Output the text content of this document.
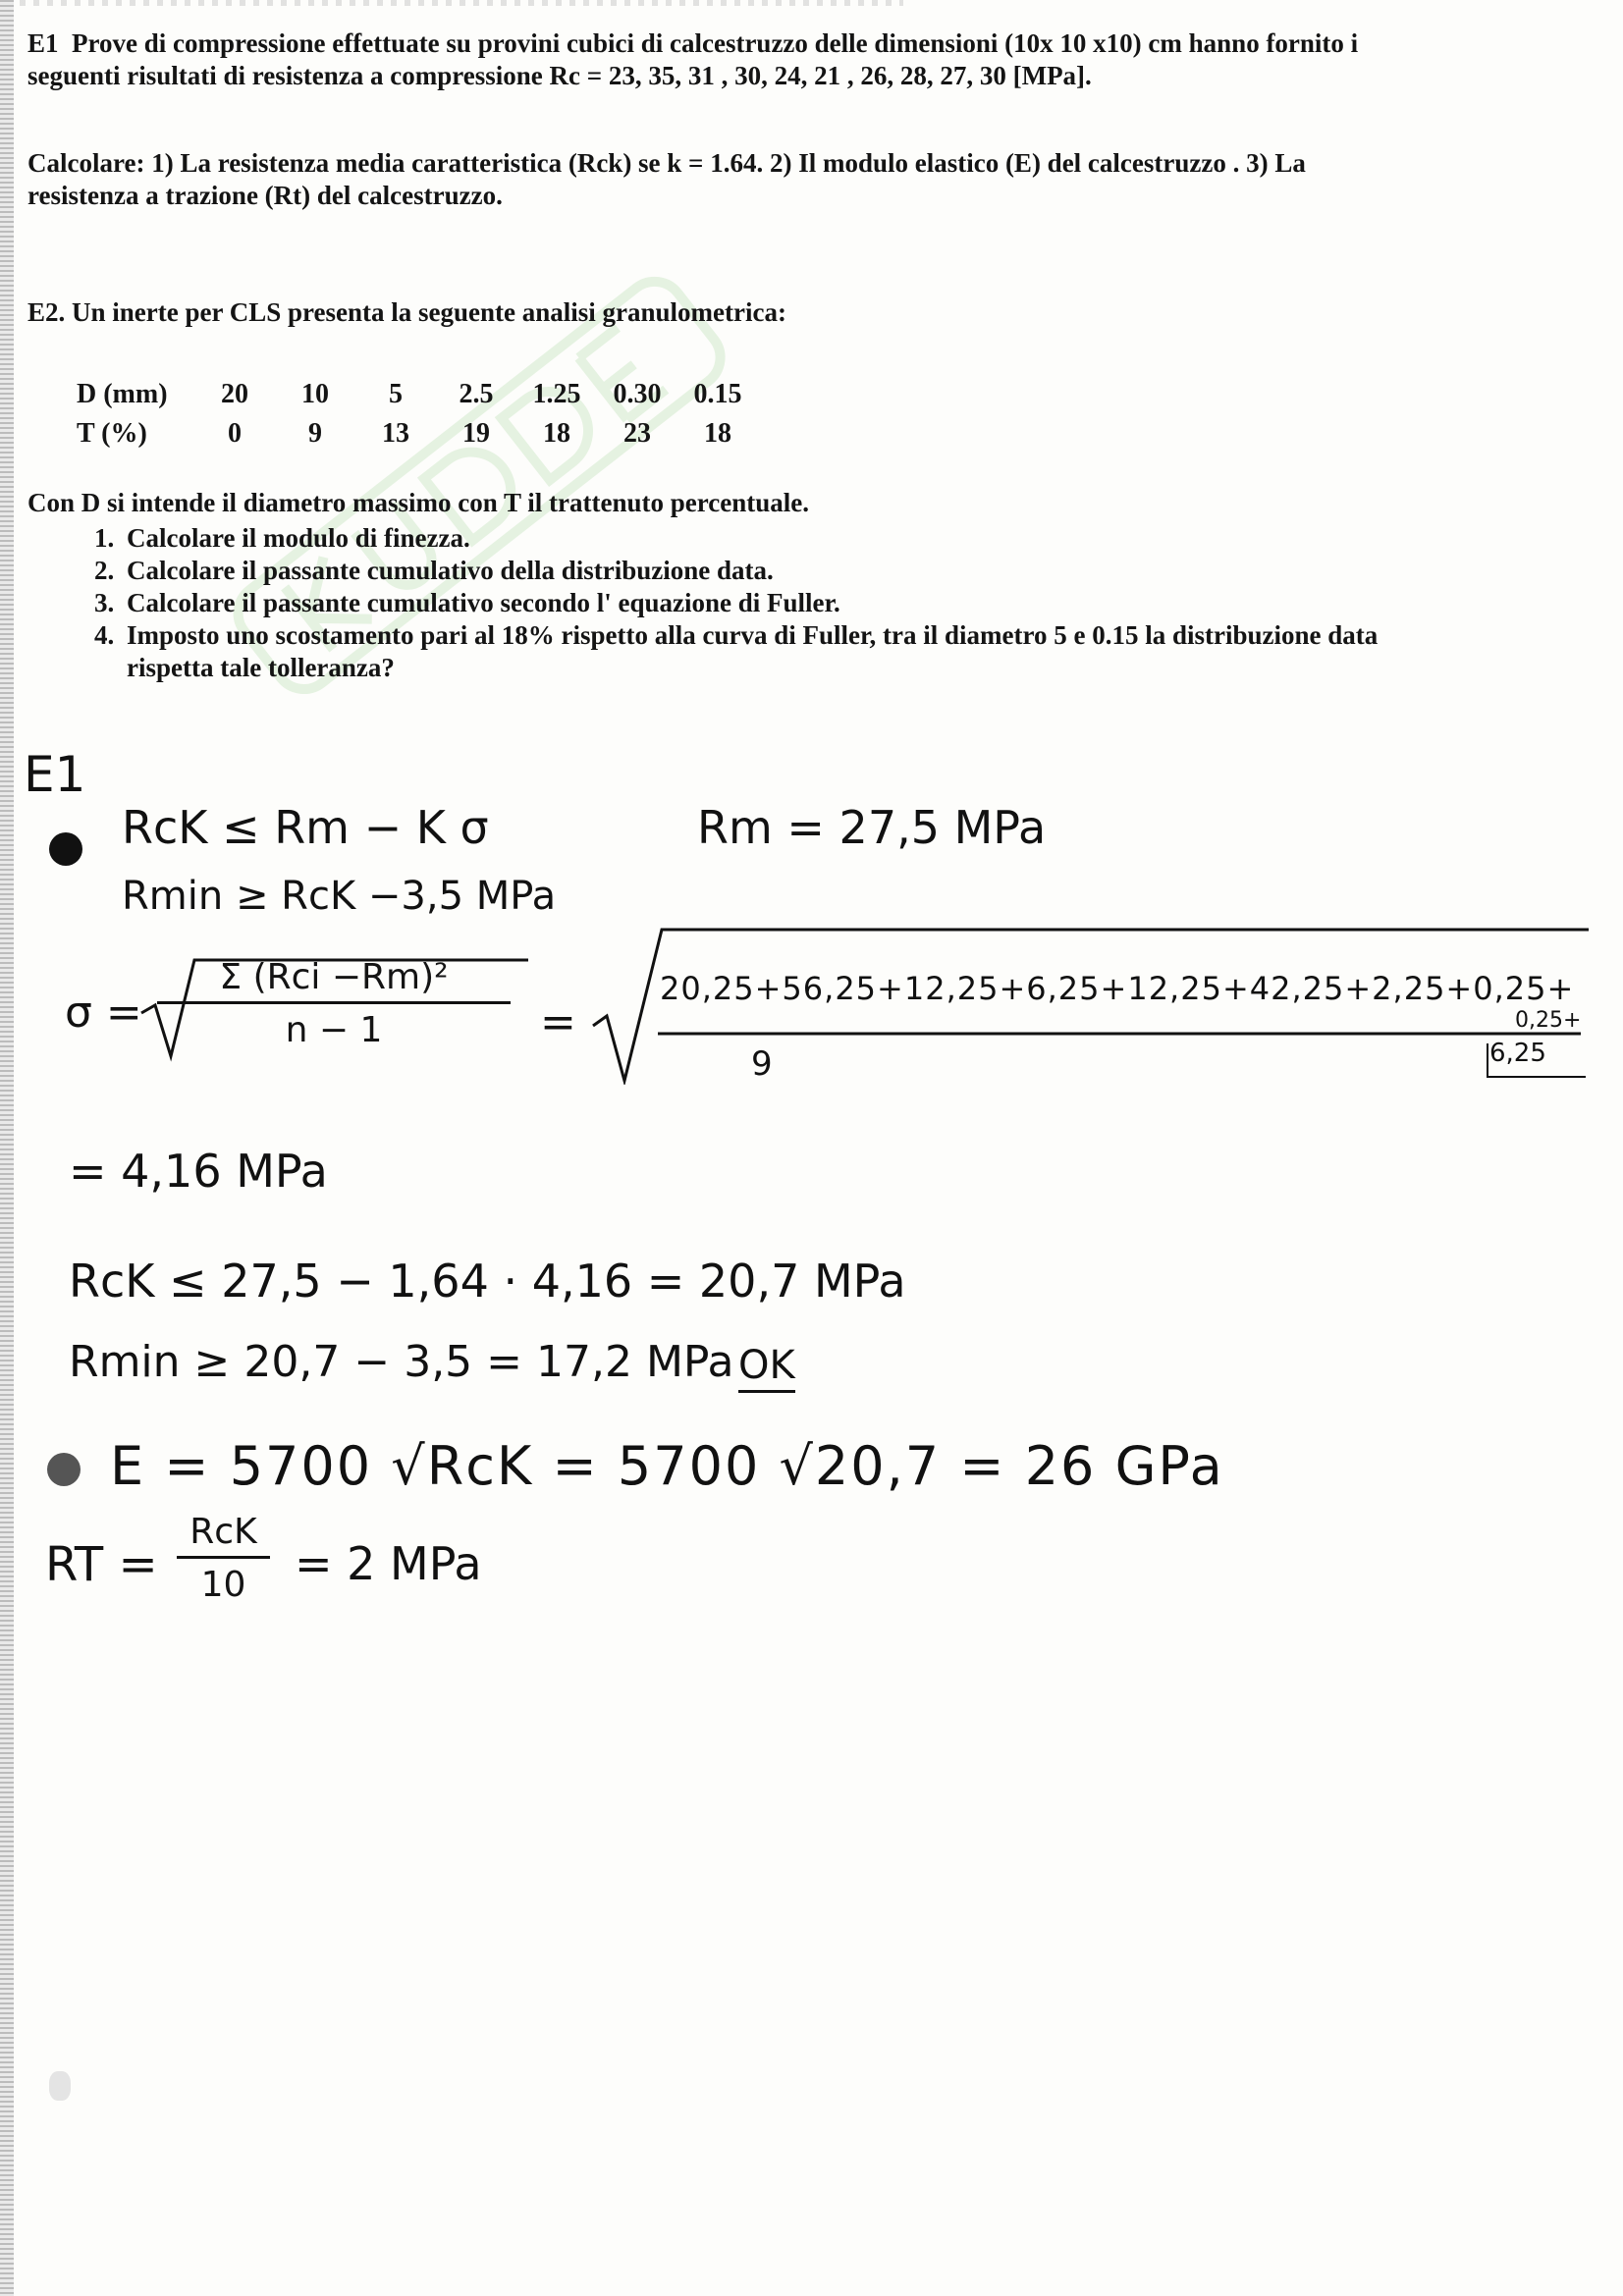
E1 Prove di compressione effettuate su provini cubici di calcestruzzo delle dimensioni (10x 10 x10) cm hanno fornito i seguenti risultati di resistenza a compressione Rc = 23, 35, 31 , 30, 24, 21 , 26, 28, 27, 30 [MPa].
Calcolare: 1) La resistenza media caratteristica (Rck) se k = 1.64. 2) Il modulo elastico (E) del calcestruzzo . 3) La resistenza a trazione (Rt) del calcestruzzo.
E2. Un inerte per CLS presenta la seguente analisi granulometrica:
D (mm)	20	10	5	2.5	1.25	0.30	0.15
T (%)	0	9	13	19	18	23	18
Con D si intende il diametro massimo con T il trattenuto percentuale.
1. Calcolare il modulo di finezza.
2. Calcolare il passante cumulativo della distribuzione data.
3. Calcolare il passante cumulativo secondo l' equazione di Fuller.
4. Imposto uno scostamento pari al 18% rispetto alla curva di Fuller, tra il diametro 5 e 0.15 la distribuzione data rispetta tale tolleranza?
E1
RcK ≤ Rm − K σ	Rm = 27,5 MPa
Rmin ≥ RcK −3,5 MPa
σ =
Σ (Rci −Rm)²
n − 1	=
20,25+56,25+12,25+6,25+12,25+42,25+2,25+0,25+
0,25+
6,25
9
= 4,16 MPa
RcK ≤ 27,5 − 1,64 · 4,16 = 20,7 MPa
Rmin ≥ 20,7 − 3,5 = 17,2 MPa OK
E = 5700 √RcK = 5700 √20,7 = 26 GPa
RT =
RcK
10	= 2 MPa
